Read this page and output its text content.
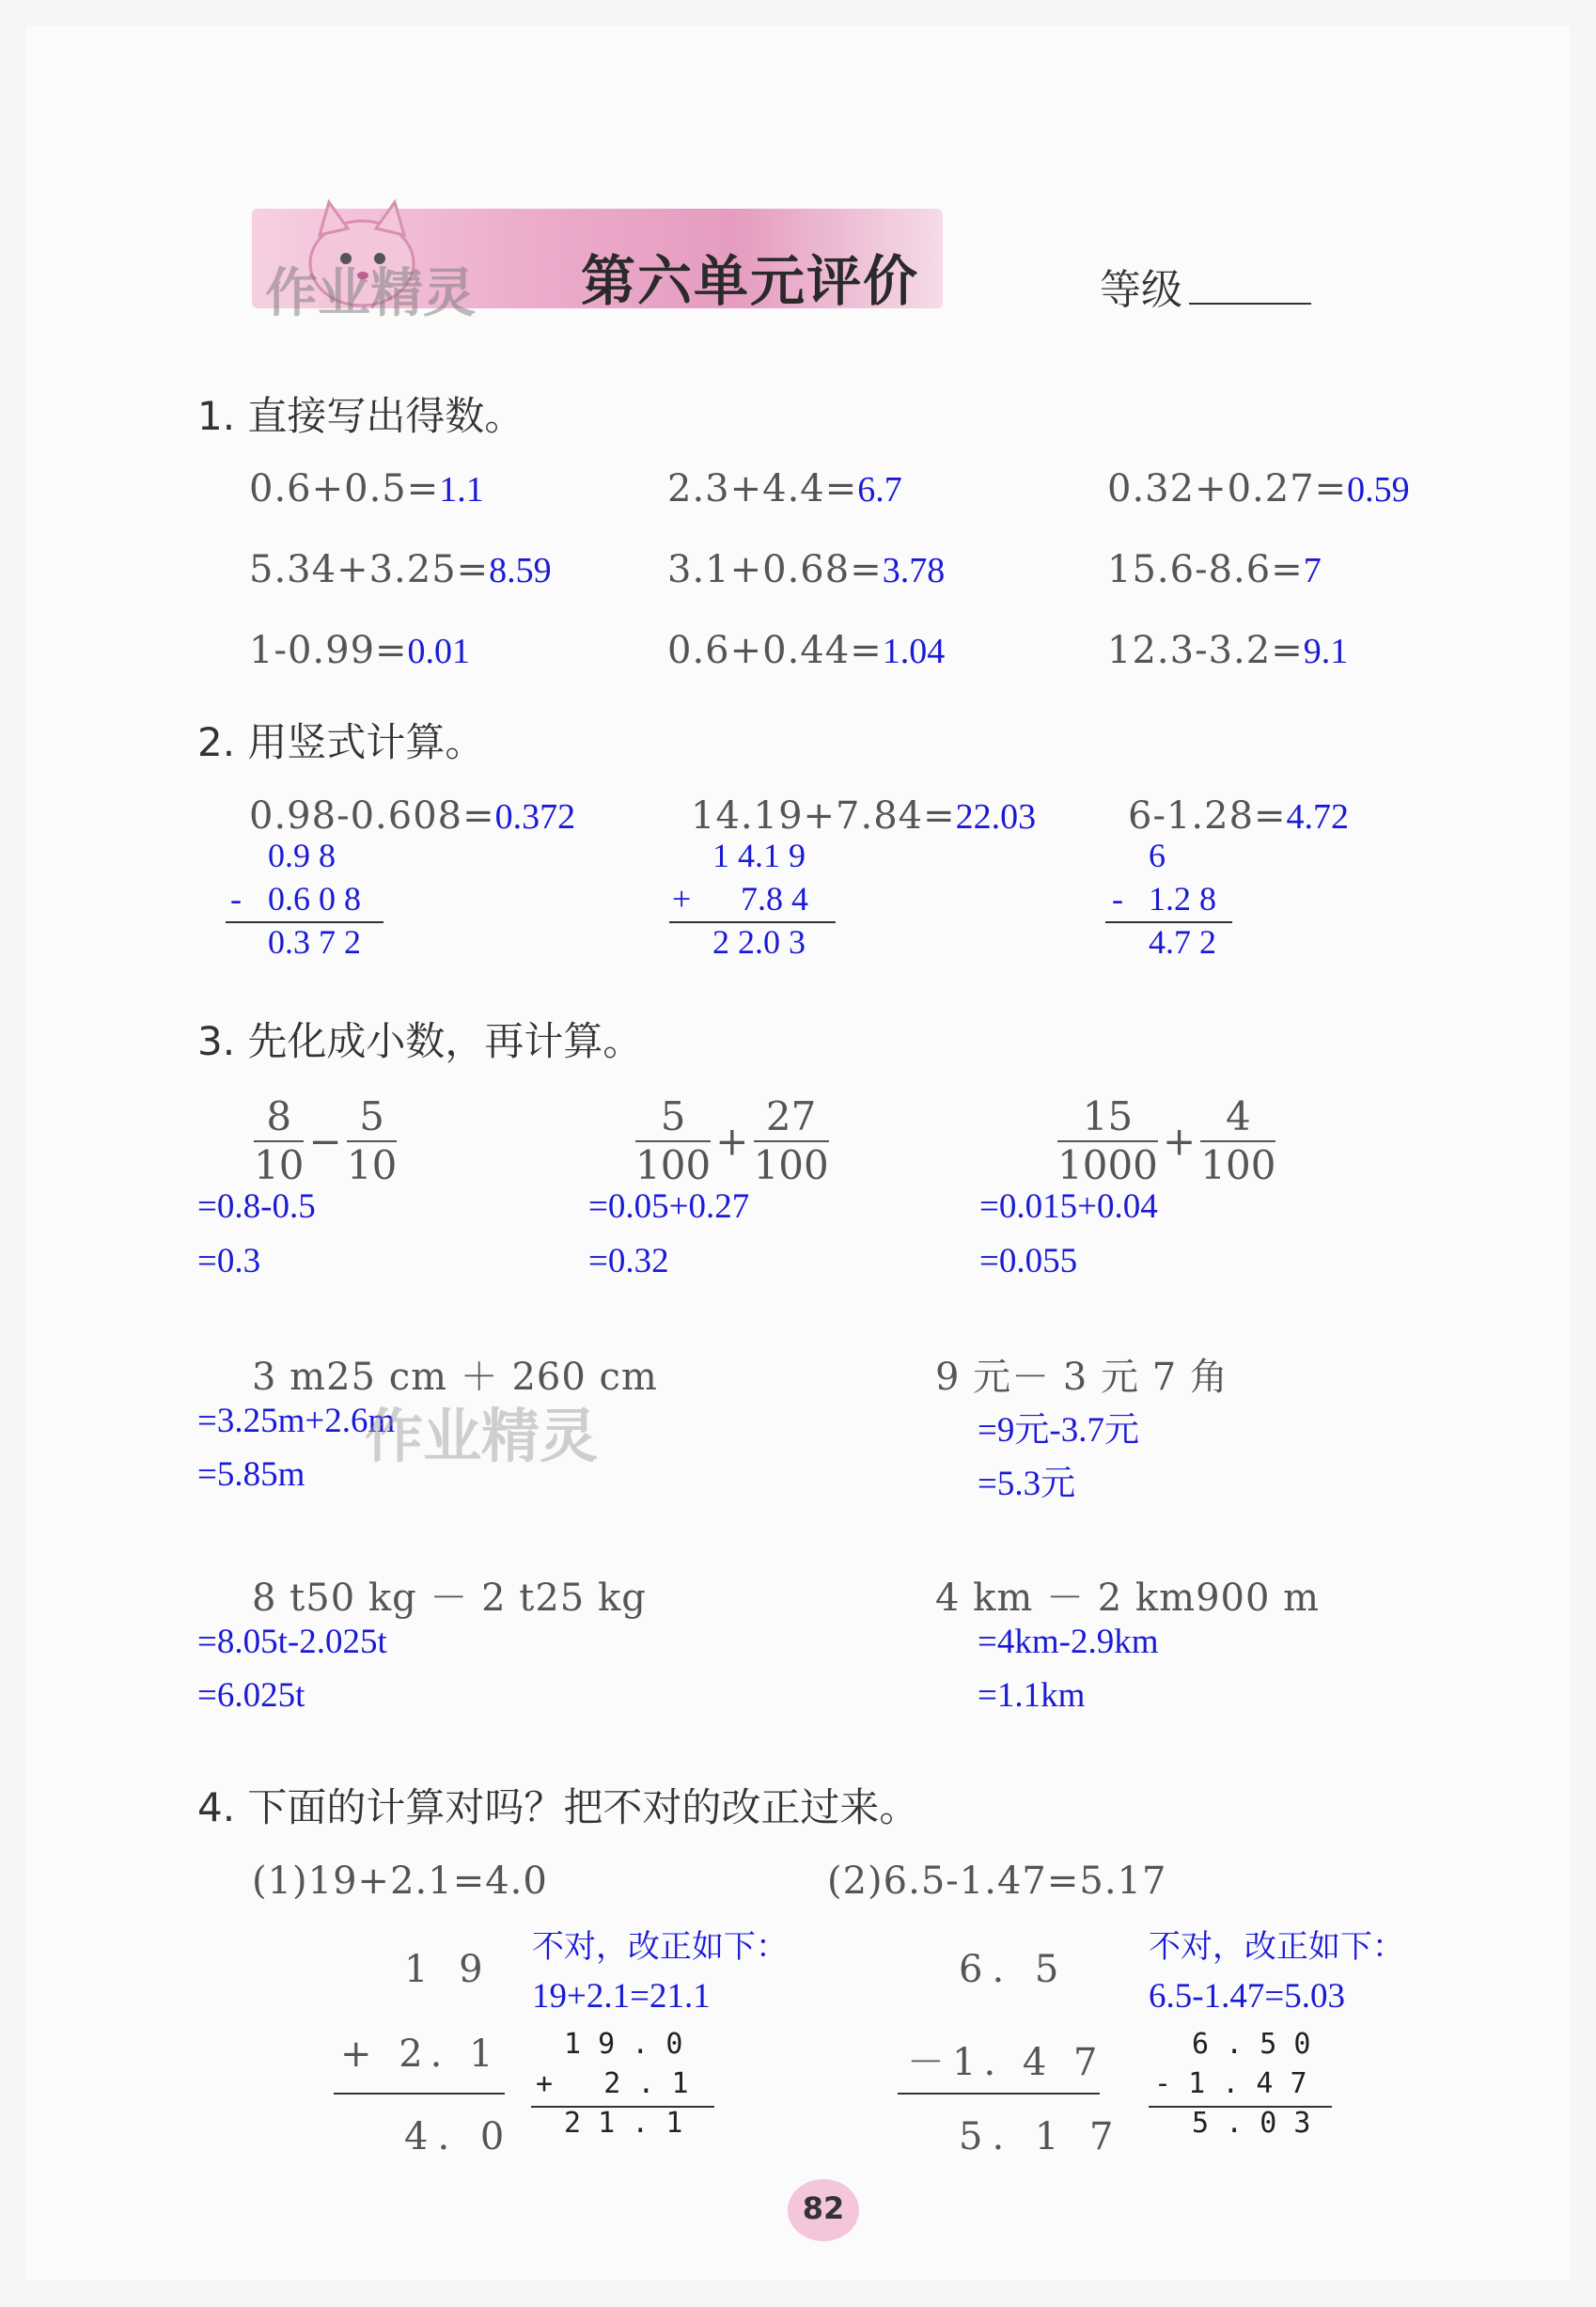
作业精灵 第六单元评价	等级
1. 直接写出得数。
0.6+0.5=1.1	2.3+4.4=6.7	0.32+0.27=0.59
5.34+3.25=8.59	3.1+0.68=3.78	15.6-8.6=7
1-0.99=0.01	0.6+0.44=1.04	12.3-3.2=9.1
2. 用竖式计算。
0.98-0.608=0.372
0.9 8
- 0.6 0 8
0.3 7 2
14.19+7.84=22.03
1 4.1 9
+ 7.8 4
2 2.0 3
6-1.28=4.72
6
- 1.2 8
4.7 2
3. 先化成小数，再计算。
$\frac{8}{10} - \frac{5}{10}$
=0.8-0.5
=0.3
$\frac{5}{100} + \frac{27}{100}$
=0.05+0.27
=0.32
$\frac{15}{1000} + \frac{4}{100}$
=0.015+0.04
=0.055
3 m25 cm ＋ 260 cm
=3.25m+2.6m
=5.85m
作业精灵
9 元－ 3 元 7 角
=9元-3.7元
=5.3元
8 t50 kg － 2 t25 kg
=8.05t-2.025t
=6.025t
4 km － 2 km900 m
=4km-2.9km
=1.1km
4. 下面的计算对吗？把不对的改正过来。
(1)19+2.1=4.0
1 9
+ 2. 1
4. 0
不对，改正如下：
19+2.1=21.1
1 9 . 0
+   2 . 1
2 1 . 1
(2)6.5-1.47=5.17
6. 5
－1. 4 7
5. 1 7
不对，改正如下：
6.5-1.47=5.03
6 . 5 0
- 1 . 4 7
5 . 0 3
82
